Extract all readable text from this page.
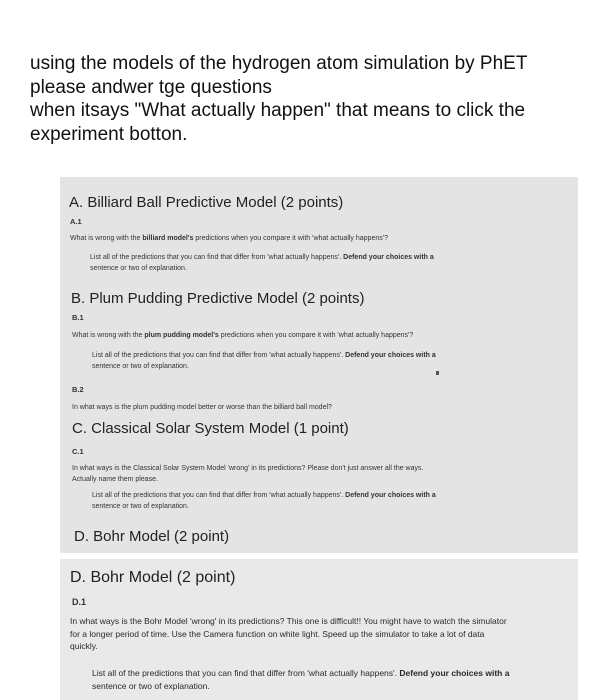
using the models of the hydrogen atom simulation by PhET
please andwer tge questions
when itsays "What actually happen" that means to click the
experiment botton.
A. Billiard Ball Predictive Model (2 points)
A.1
What is wrong with the billiard model's predictions when you compare it with 'what actually happens'?
List all of the predictions that you can find that differ from 'what actually happens'. Defend your choices with a
sentence or two of explanation.
B. Plum Pudding Predictive Model (2 points)
B.1
What is wrong with the plum pudding model's predictions when you compare it with 'what actually happens'?
List all of the predictions that you can find that differ from 'what actually happens'. Defend your choices with a
sentence or two of explanation.
B.2
In what ways is the plum pudding model better or worse than the billiard ball model?
C. Classical Solar System Model (1 point)
C.1
In what ways is the Classical Solar System Model 'wrong' in its predictions? Please don't just answer all the ways.
Actually name them please.
List all of the predictions that you can find that differ from 'what actually happens'. Defend your choices with a
sentence or two of explanation.
D. Bohr Model (2 point)
D. Bohr Model (2 point)
D.1
In what ways is the Bohr Model 'wrong' in its predictions? This one is difficult!! You might have to watch the simulator
for a longer period of time. Use the Camera function on white light. Speed up the simulator to take a lot of data
quickly.
List all of the predictions that you can find that differ from 'what actually happens'. Defend your choices with a
sentence or two of explanation.
